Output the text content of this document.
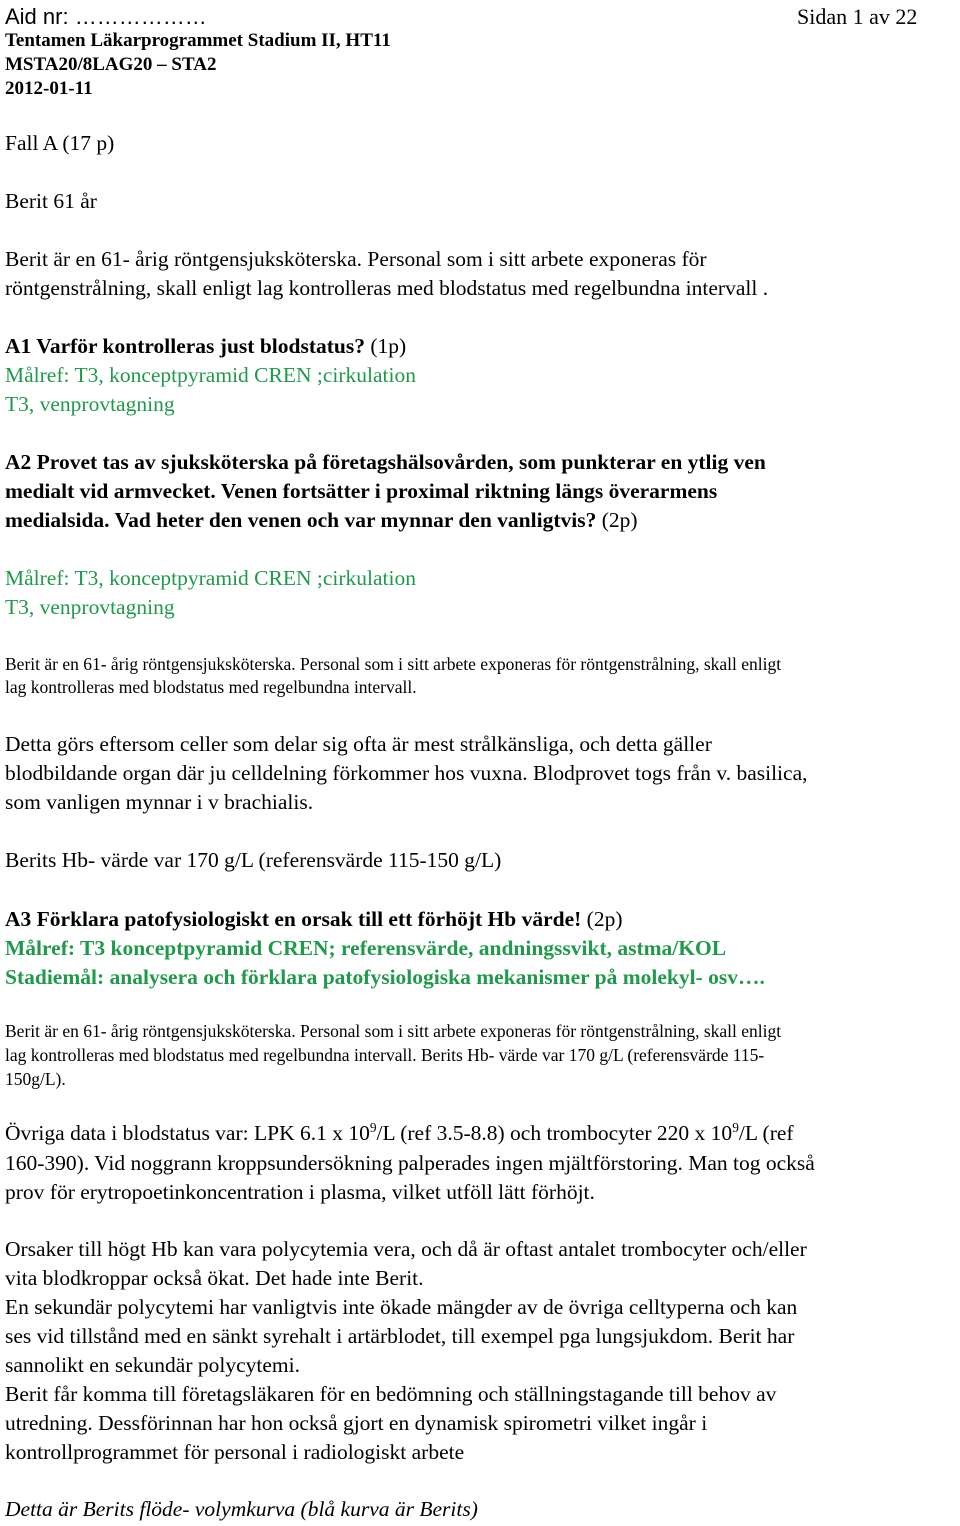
Aid nr: ………………	Sidan 1 av 22
Tentamen Läkarprogrammet Stadium II, HT11
MSTA20/8LAG20 – STA2
2012-01-11
Fall A (17 p)
Berit 61 år
Berit är en 61- årig röntgensjuksköterska. Personal som i sitt arbete exponeras för
röntgenstrålning, skall enligt lag kontrolleras med blodstatus med regelbundna intervall .
A1 Varför kontrolleras just blodstatus? (1p)
Målref: T3, konceptpyramid CREN ;cirkulation
T3, venprovtagning
A2 Provet tas av sjuksköterska på företagshälsovården, som punkterar en ytlig ven
medialt vid armvecket. Venen fortsätter i proximal riktning längs överarmens
medialsida. Vad heter den venen och var mynnar den vanligtvis? (2p)
Målref: T3, konceptpyramid CREN ;cirkulation
T3, venprovtagning
Berit är en 61- årig röntgensjuksköterska. Personal som i sitt arbete exponeras för röntgenstrålning, skall enligt
lag kontrolleras med blodstatus med regelbundna intervall.
Detta görs eftersom celler som delar sig ofta är mest strålkänsliga, och detta gäller
blodbildande organ där ju celldelning förkommer hos vuxna. Blodprovet togs från v. basilica,
som vanligen mynnar i v brachialis.
Berits Hb- värde var 170 g/L (referensvärde 115-150 g/L)
A3 Förklara patofysiologiskt en orsak till ett förhöjt Hb värde! (2p)
Målref: T3 konceptpyramid CREN; referensvärde, andningssvikt, astma/KOL
Stadiemål: analysera och förklara patofysiologiska mekanismer på molekyl- osv….
Berit är en 61- årig röntgensjuksköterska. Personal som i sitt arbete exponeras för röntgenstrålning, skall enligt
lag kontrolleras med blodstatus med regelbundna intervall. Berits Hb- värde var 170 g/L (referensvärde 115-
150g/L).
Övriga data i blodstatus var: LPK 6.1 x $10^9/L$ (ref 3.5-8.8) och trombocyter 220 x $10^9/L$ (ref
160-390). Vid noggrann kroppsundersökning palperades ingen mjältförstoring. Man tog också
prov för erytropoetinkoncentration i plasma, vilket utföll lätt förhöjt.
Orsaker till högt Hb kan vara polycytemia vera, och då är oftast antalet trombocyter och/eller
vita blodkroppar också ökat. Det hade inte Berit.
En sekundär polycytemi har vanligtvis inte ökade mängder av de övriga celltyperna och kan
ses vid tillstånd med en sänkt syrehalt i artärblodet, till exempel pga lungsjukdom. Berit har
sannolikt en sekundär polycytemi.
Berit får komma till företagsläkaren för en bedömning och ställningstagande till behov av
utredning. Dessförinnan har hon också gjort en dynamisk spirometri vilket ingår i
kontrollprogrammet för personal i radiologiskt arbete
Detta är Berits flöde- volymkurva (blå kurva är Berits)
